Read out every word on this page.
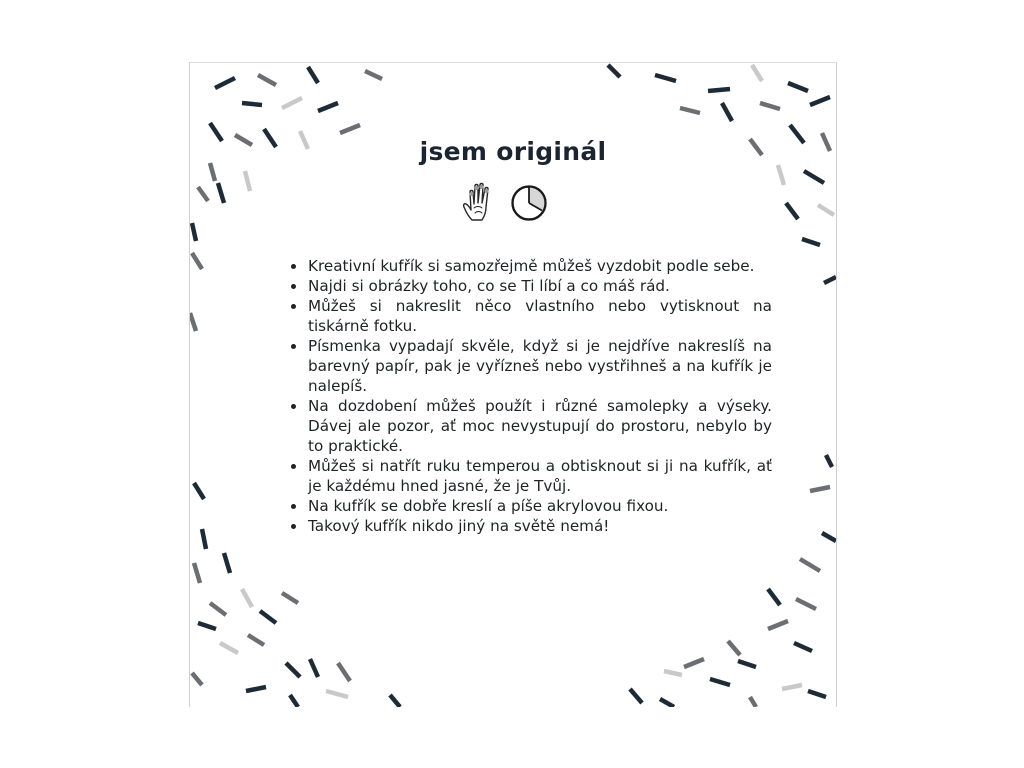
jsem originál
Kreativní kufřík si samozřejmě můžeš vyzdobit podle sebe.
Najdi si obrázky toho, co se Ti líbí a co máš rád.
Můžeš si nakreslit něco vlastního nebo vytisknout na tiskárně fotku.
Písmenka vypadají skvěle, když si je nejdříve nakreslíš na barevný papír, pak je vyřízneš nebo vystřihneš a na kufřík je nalepíš.
Na dozdobení můžeš použít i různé samolepky a výseky. Dávej ale pozor, ať moc nevystupují do prostoru, nebylo by to praktické.
Můžeš si natřít ruku temperou a obtisknout si ji na kufřík, ať je každému hned jasné, že je Tvůj.
Na kufřík se dobře kreslí a píše akrylovou fixou.
Takový kufřík nikdo jiný na světě nemá!
